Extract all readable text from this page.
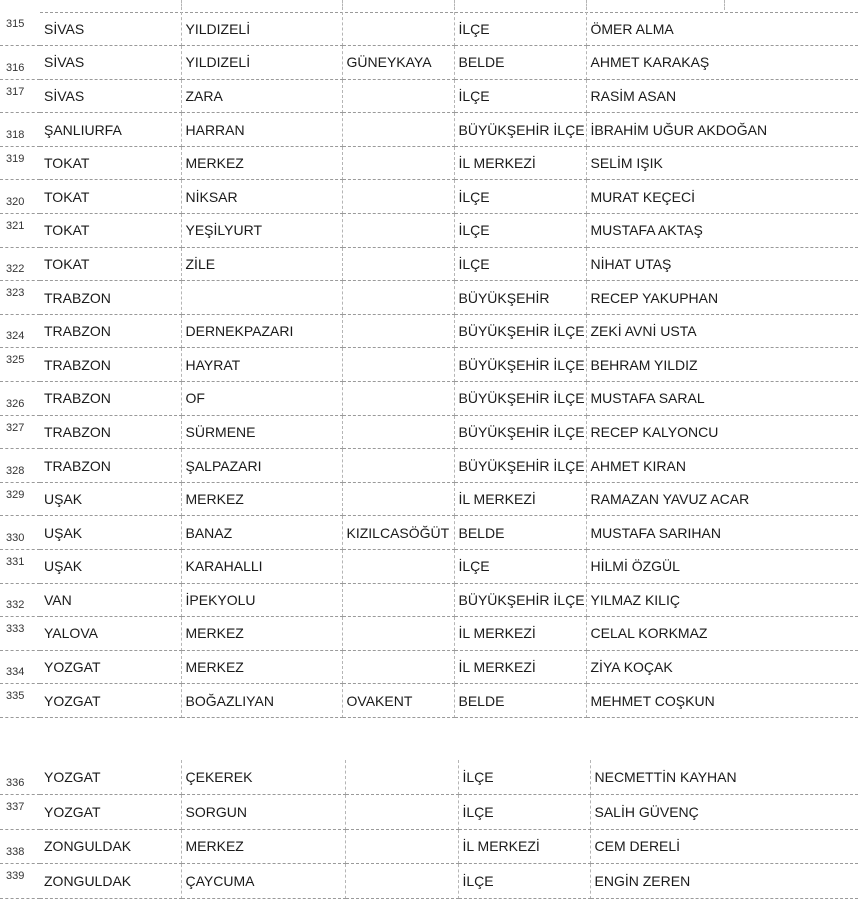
315	SİVAS	YILDIZELİ		İLÇE	ÖMER ALMA
316	SİVAS	YILDIZELİ	GÜNEYKAYA	BELDE	AHMET KARAKAŞ
317	SİVAS	ZARA		İLÇE	RASİM ASAN
318	ŞANLIURFA	HARRAN		BÜYÜKŞEHİR İLÇE	İBRAHİM UĞUR AKDOĞAN
319	TOKAT	MERKEZ		İL MERKEZİ	SELİM IŞIK
320	TOKAT	NİKSAR		İLÇE	MURAT KEÇECİ
321	TOKAT	YEŞİLYURT		İLÇE	MUSTAFA AKTAŞ
322	TOKAT	ZİLE		İLÇE	NİHAT UTAŞ
323	TRABZON			BÜYÜKŞEHİR	RECEP YAKUPHAN
324	TRABZON	DERNEKPAZARI		BÜYÜKŞEHİR İLÇE	ZEKİ AVNİ USTA
325	TRABZON	HAYRAT		BÜYÜKŞEHİR İLÇE	BEHRAM YILDIZ
326	TRABZON	OF		BÜYÜKŞEHİR İLÇE	MUSTAFA SARAL
327	TRABZON	SÜRMENE		BÜYÜKŞEHİR İLÇE	RECEP KALYONCU
328	TRABZON	ŞALPAZARI		BÜYÜKŞEHİR İLÇE	AHMET KIRAN
329	UŞAK	MERKEZ		İL MERKEZİ	RAMAZAN YAVUZ ACAR
330	UŞAK	BANAZ	KIZILCASÖĞÜT	BELDE	MUSTAFA SARIHAN
331	UŞAK	KARAHALLI		İLÇE	HİLMİ ÖZGÜL
332	VAN	İPEKYOLU		BÜYÜKŞEHİR İLÇE	YILMAZ KILIÇ
333	YALOVA	MERKEZ		İL MERKEZİ	CELAL KORKMAZ
334	YOZGAT	MERKEZ		İL MERKEZİ	ZİYA KOÇAK
335	YOZGAT	BOĞAZLIYAN	OVAKENT	BELDE	MEHMET COŞKUN
336	YOZGAT	ÇEKEREK		İLÇE	NECMETTİN KAYHAN
337	YOZGAT	SORGUN		İLÇE	SALİH GÜVENÇ
338	ZONGULDAK	MERKEZ		İL MERKEZİ	CEM DERELİ
339	ZONGULDAK	ÇAYCUMA		İLÇE	ENGİN ZEREN
